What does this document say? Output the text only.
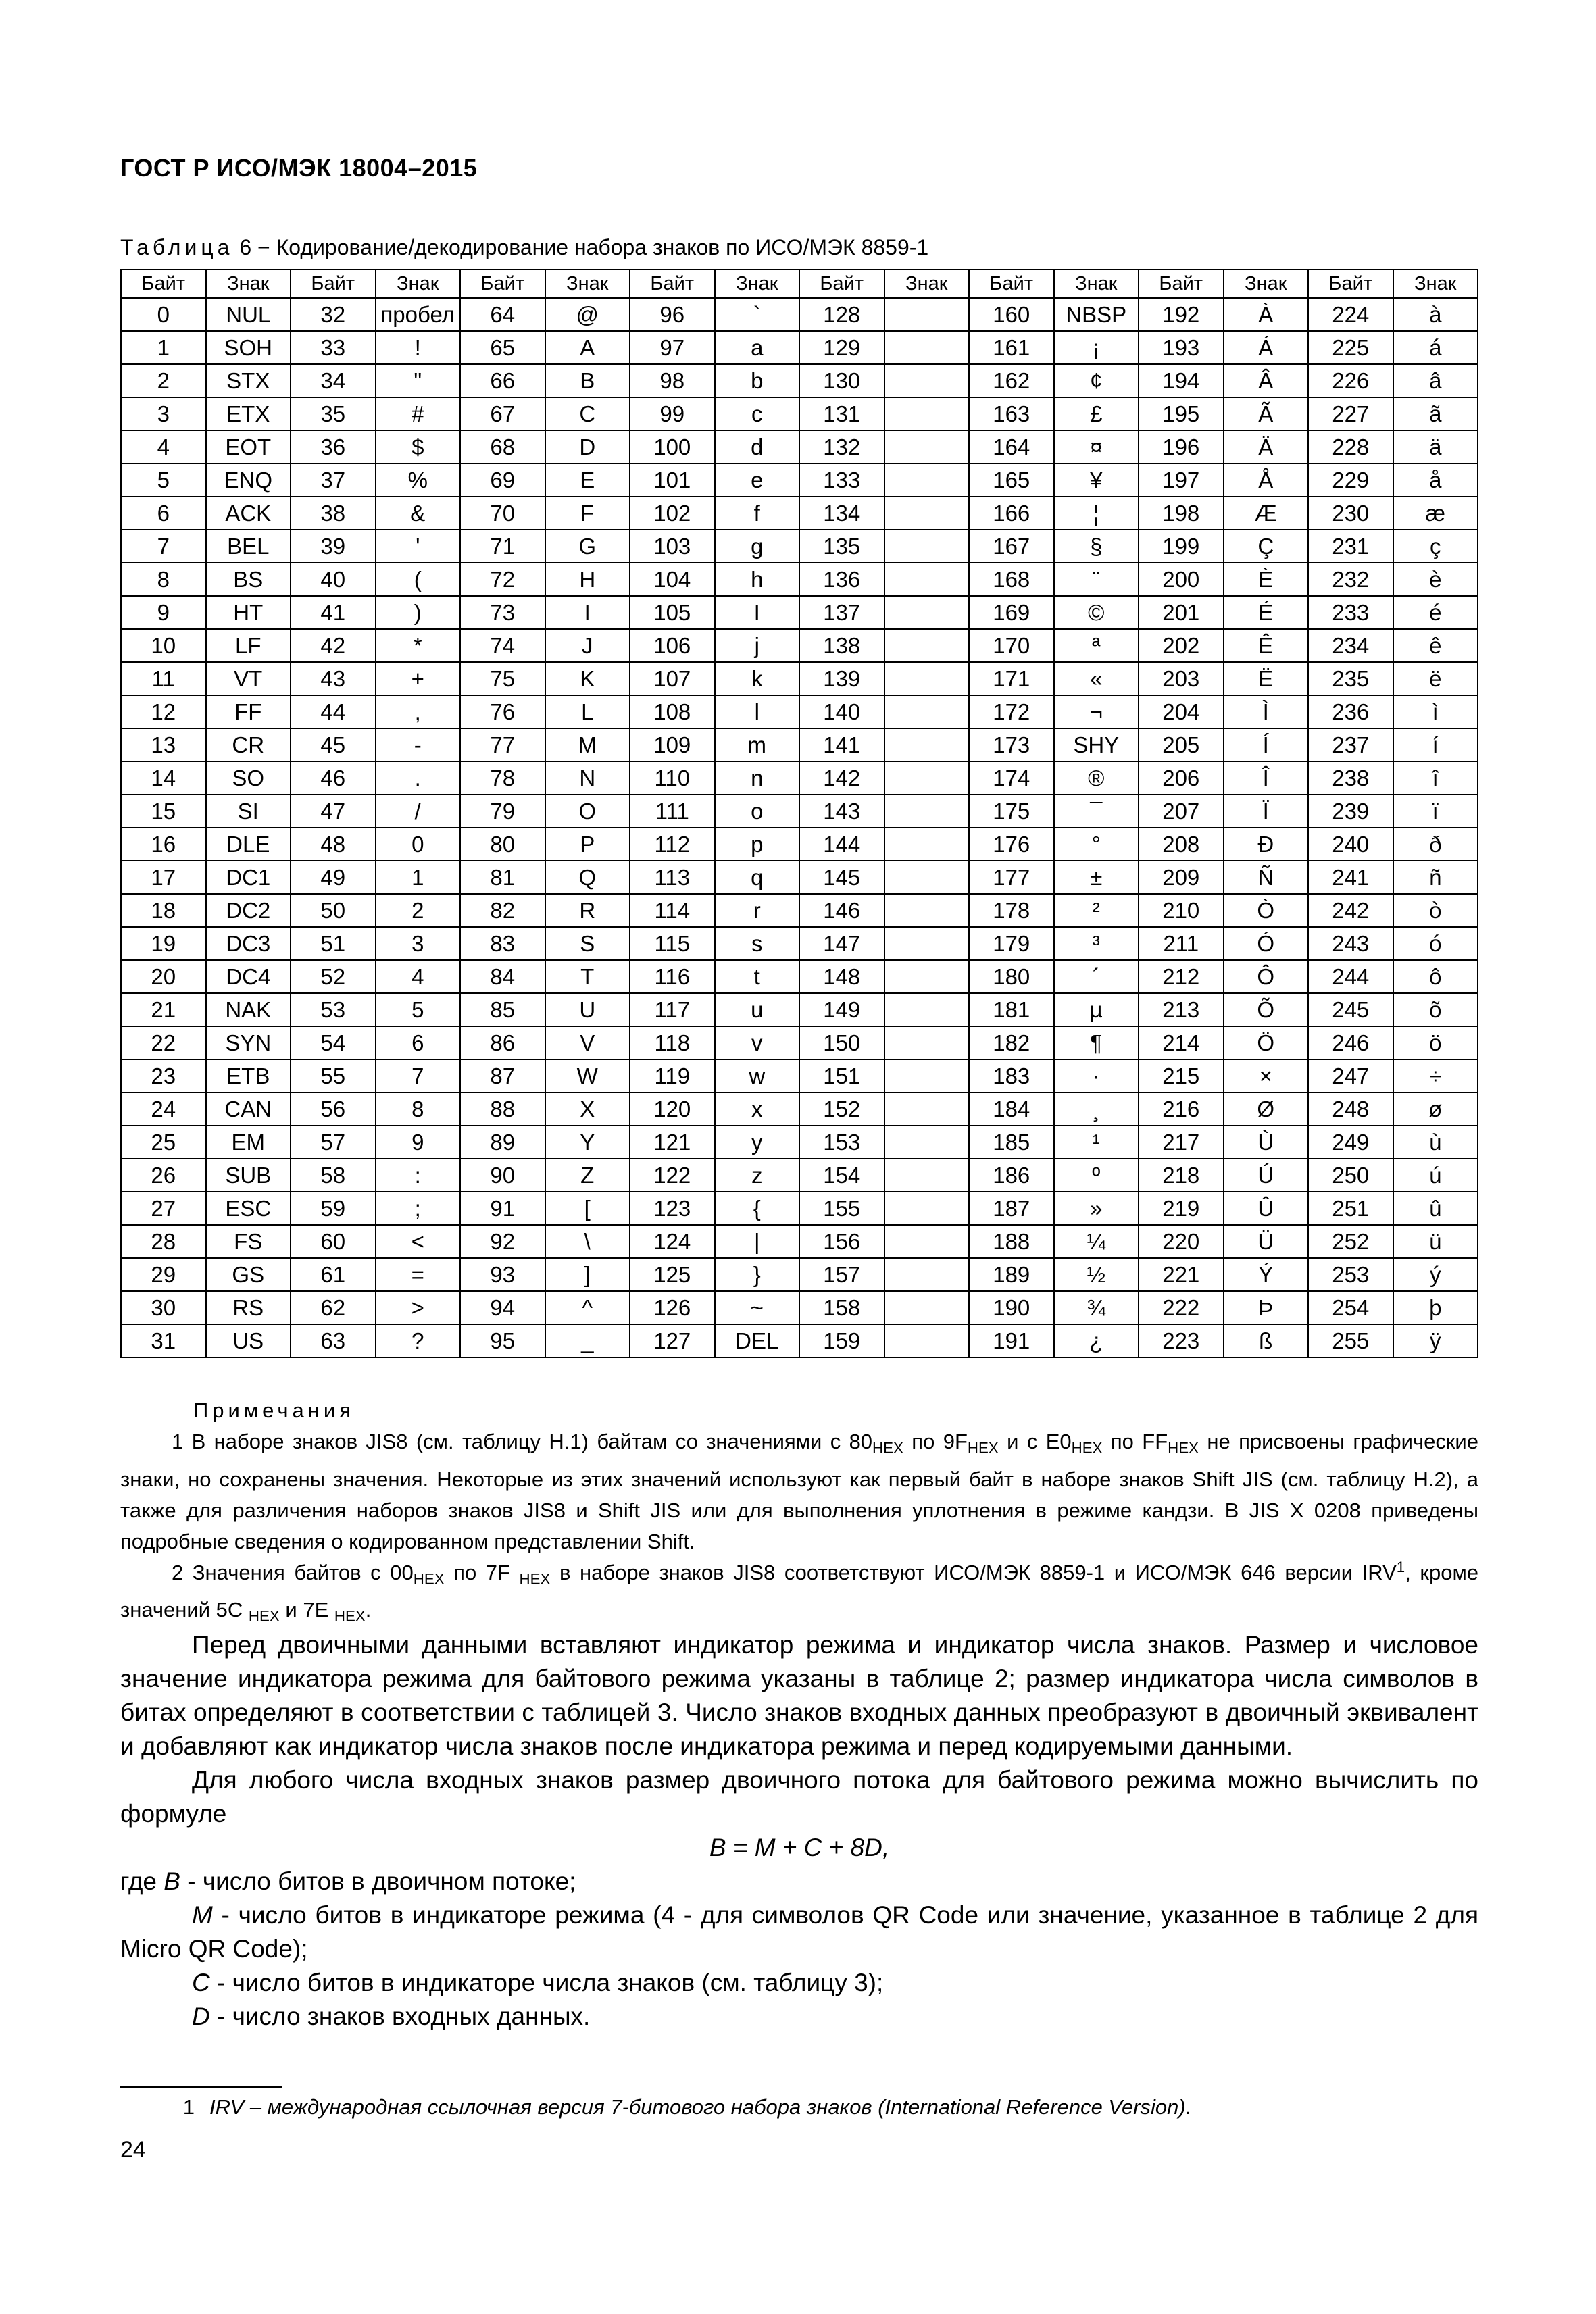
ГОСТ Р ИСО/МЭК 18004–2015
Таблица 6 − Кодирование/декодирование набора знаков по ИСО/МЭК 8859-1
Байт	Знак	Байт	Знак	Байт	Знак	Байт	Знак	Байт	Знак	Байт	Знак	Байт	Знак	Байт	Знак
0	NUL	32	пробел	64	@	96	`	128		160	NBSP	192	À	224	à
1	SOH	33	!	65	A	97	a	129		161	¡	193	Á	225	á
2	STX	34	"	66	B	98	b	130		162	¢	194	Â	226	â
3	ETX	35	#	67	C	99	c	131		163	£	195	Ã	227	ã
4	EOT	36	$	68	D	100	d	132		164	¤	196	Ä	228	ä
5	ENQ	37	%	69	E	101	e	133		165	¥	197	Å	229	å
6	ACK	38	&	70	F	102	f	134		166	¦	198	Æ	230	æ
7	BEL	39	'	71	G	103	g	135		167	§	199	Ç	231	ç
8	BS	40	(	72	H	104	h	136		168	¨	200	È	232	è
9	HT	41	)	73	I	105	I	137		169	©	201	É	233	é
10	LF	42	*	74	J	106	j	138		170	ª	202	Ê	234	ê
11	VT	43	+	75	K	107	k	139		171	«	203	Ë	235	ë
12	FF	44	,	76	L	108	l	140		172	¬	204	Ì	236	ì
13	CR	45	-	77	M	109	m	141		173	SHY	205	Í	237	í
14	SO	46	.	78	N	110	n	142		174	®	206	Î	238	î
15	SI	47	/	79	O	111	o	143		175	¯	207	Ï	239	ï
16	DLE	48	0	80	P	112	p	144		176	°	208	Ð	240	ð
17	DC1	49	1	81	Q	113	q	145		177	±	209	Ñ	241	ñ
18	DC2	50	2	82	R	114	r	146		178	²	210	Ò	242	ò
19	DC3	51	3	83	S	115	s	147		179	³	211	Ó	243	ó
20	DC4	52	4	84	T	116	t	148		180	´	212	Ô	244	ô
21	NAK	53	5	85	U	117	u	149		181	µ	213	Õ	245	õ
22	SYN	54	6	86	V	118	v	150		182	¶	214	Ö	246	ö
23	ETB	55	7	87	W	119	w	151		183	·	215	×	247	÷
24	CAN	56	8	88	X	120	x	152		184	¸	216	Ø	248	ø
25	EM	57	9	89	Y	121	y	153		185	¹	217	Ù	249	ù
26	SUB	58	:	90	Z	122	z	154		186	º	218	Ú	250	ú
27	ESC	59	;	91	[	123	{	155		187	»	219	Û	251	û
28	FS	60	<	92	\	124	|	156		188	¼	220	Ü	252	ü
29	GS	61	=	93	]	125	}	157		189	½	221	Ý	253	ý
30	RS	62	>	94	^	126	~	158		190	¾	222	Þ	254	þ
31	US	63	?	95	_	127	DEL	159		191	¿	223	ß	255	ÿ

Примечания

1 В наборе знаков JIS8 (см. таблицу Н.1) байтам со значениями с $80_{HEX}$ по $9F_{HEX}$ и с $E0_{HEX}$ по $FF_{HEX}$ не присвоены графические знаки, но сохранены значения. Некоторые из этих значений используют как первый байт в наборе знаков Shift JIS (см. таблицу Н.2), а также для различения наборов знаков JIS8 и Shift JIS или для выполнения уплотнения в режиме кандзи. В JIS X 0208 приведены подробные сведения о кодированном представлении Shift.

2 Значения байтов с $00_{HEX}$ по 7F $_{HEX}$ в наборе знаков JIS8 соответствуют ИСО/МЭК 8859-1 и ИСО/МЭК 646 версии IRV$^1$, кроме значений 5C $_{HEX}$ и 7E $_{HEX}$.

Перед двоичными данными вставляют индикатор режима и индикатор числа знаков. Размер и числовое значение индикатора режима для байтового режима указаны в таблице 2; размер индикатора числа символов в битах определяют в соответствии с таблицей 3. Число знаков входных данных преобразуют в двоичный эквивалент и добавляют как индикатор числа знаков после индикатора режима и перед кодируемыми данными.

Для любого числа входных знаков размер двоичного потока для байтового режима можно вычислить по формуле

B = M + C + 8D,

где B - число битов в двоичном потоке;

M - число битов в индикаторе режима (4 - для символов QR Code или значение, указанное в таблице 2 для Micro QR Code);

C - число битов в индикаторе числа знаков (см. таблицу 3);

D - число знаков входных данных.

1 IRV – международная ссылочная версия 7-битового набора знаков (International Reference Version).
24
